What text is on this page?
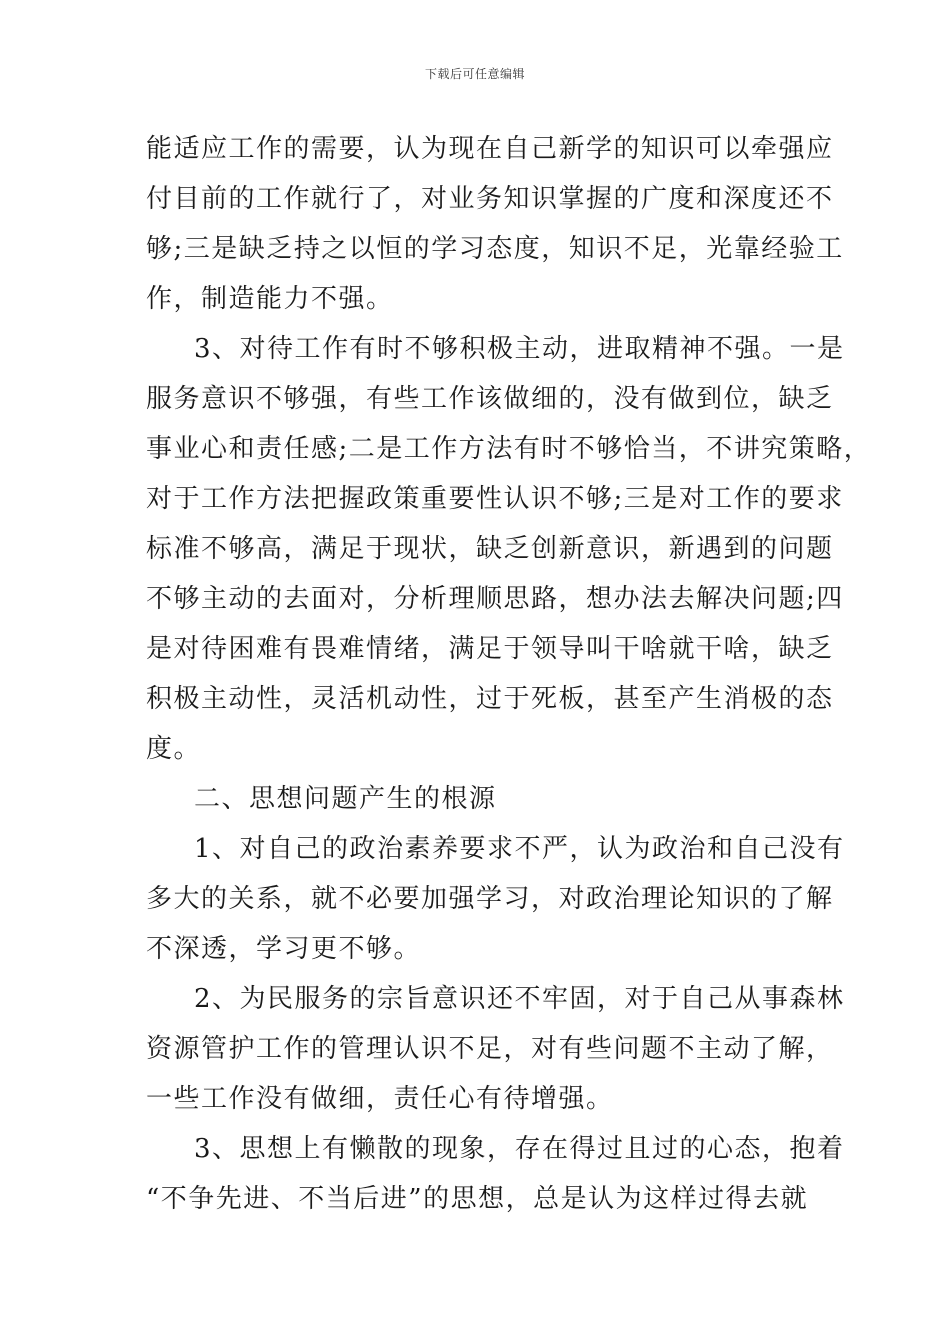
下载后可任意编辑
能适应工作的需要，认为现在自己新学的知识可以牵强应
付目前的工作就行了，对业务知识掌握的广度和深度还不
够;三是缺乏持之以恒的学习态度，知识不足，光靠经验工
作，制造能力不强。
3、对待工作有时不够积极主动，进取精神不强。一是
服务意识不够强，有些工作该做细的，没有做到位，缺乏
事业心和责任感;二是工作方法有时不够恰当，不讲究策略，
对于工作方法把握政策重要性认识不够;三是对工作的要求
标准不够高，满足于现状，缺乏创新意识，新遇到的问题
不够主动的去面对，分析理顺思路，想办法去解决问题;四
是对待困难有畏难情绪，满足于领导叫干啥就干啥，缺乏
积极主动性，灵活机动性，过于死板，甚至产生消极的态
度。
二、思想问题产生的根源
1、对自己的政治素养要求不严，认为政治和自己没有
多大的关系，就不必要加强学习，对政治理论知识的了解
不深透，学习更不够。
2、为民服务的宗旨意识还不牢固，对于自己从事森林
资源管护工作的管理认识不足，对有些问题不主动了解，
一些工作没有做细，责任心有待增强。
3、思想上有懒散的现象，存在得过且过的心态，抱着
“不争先进、不当后进”的思想，总是认为这样过得去就
